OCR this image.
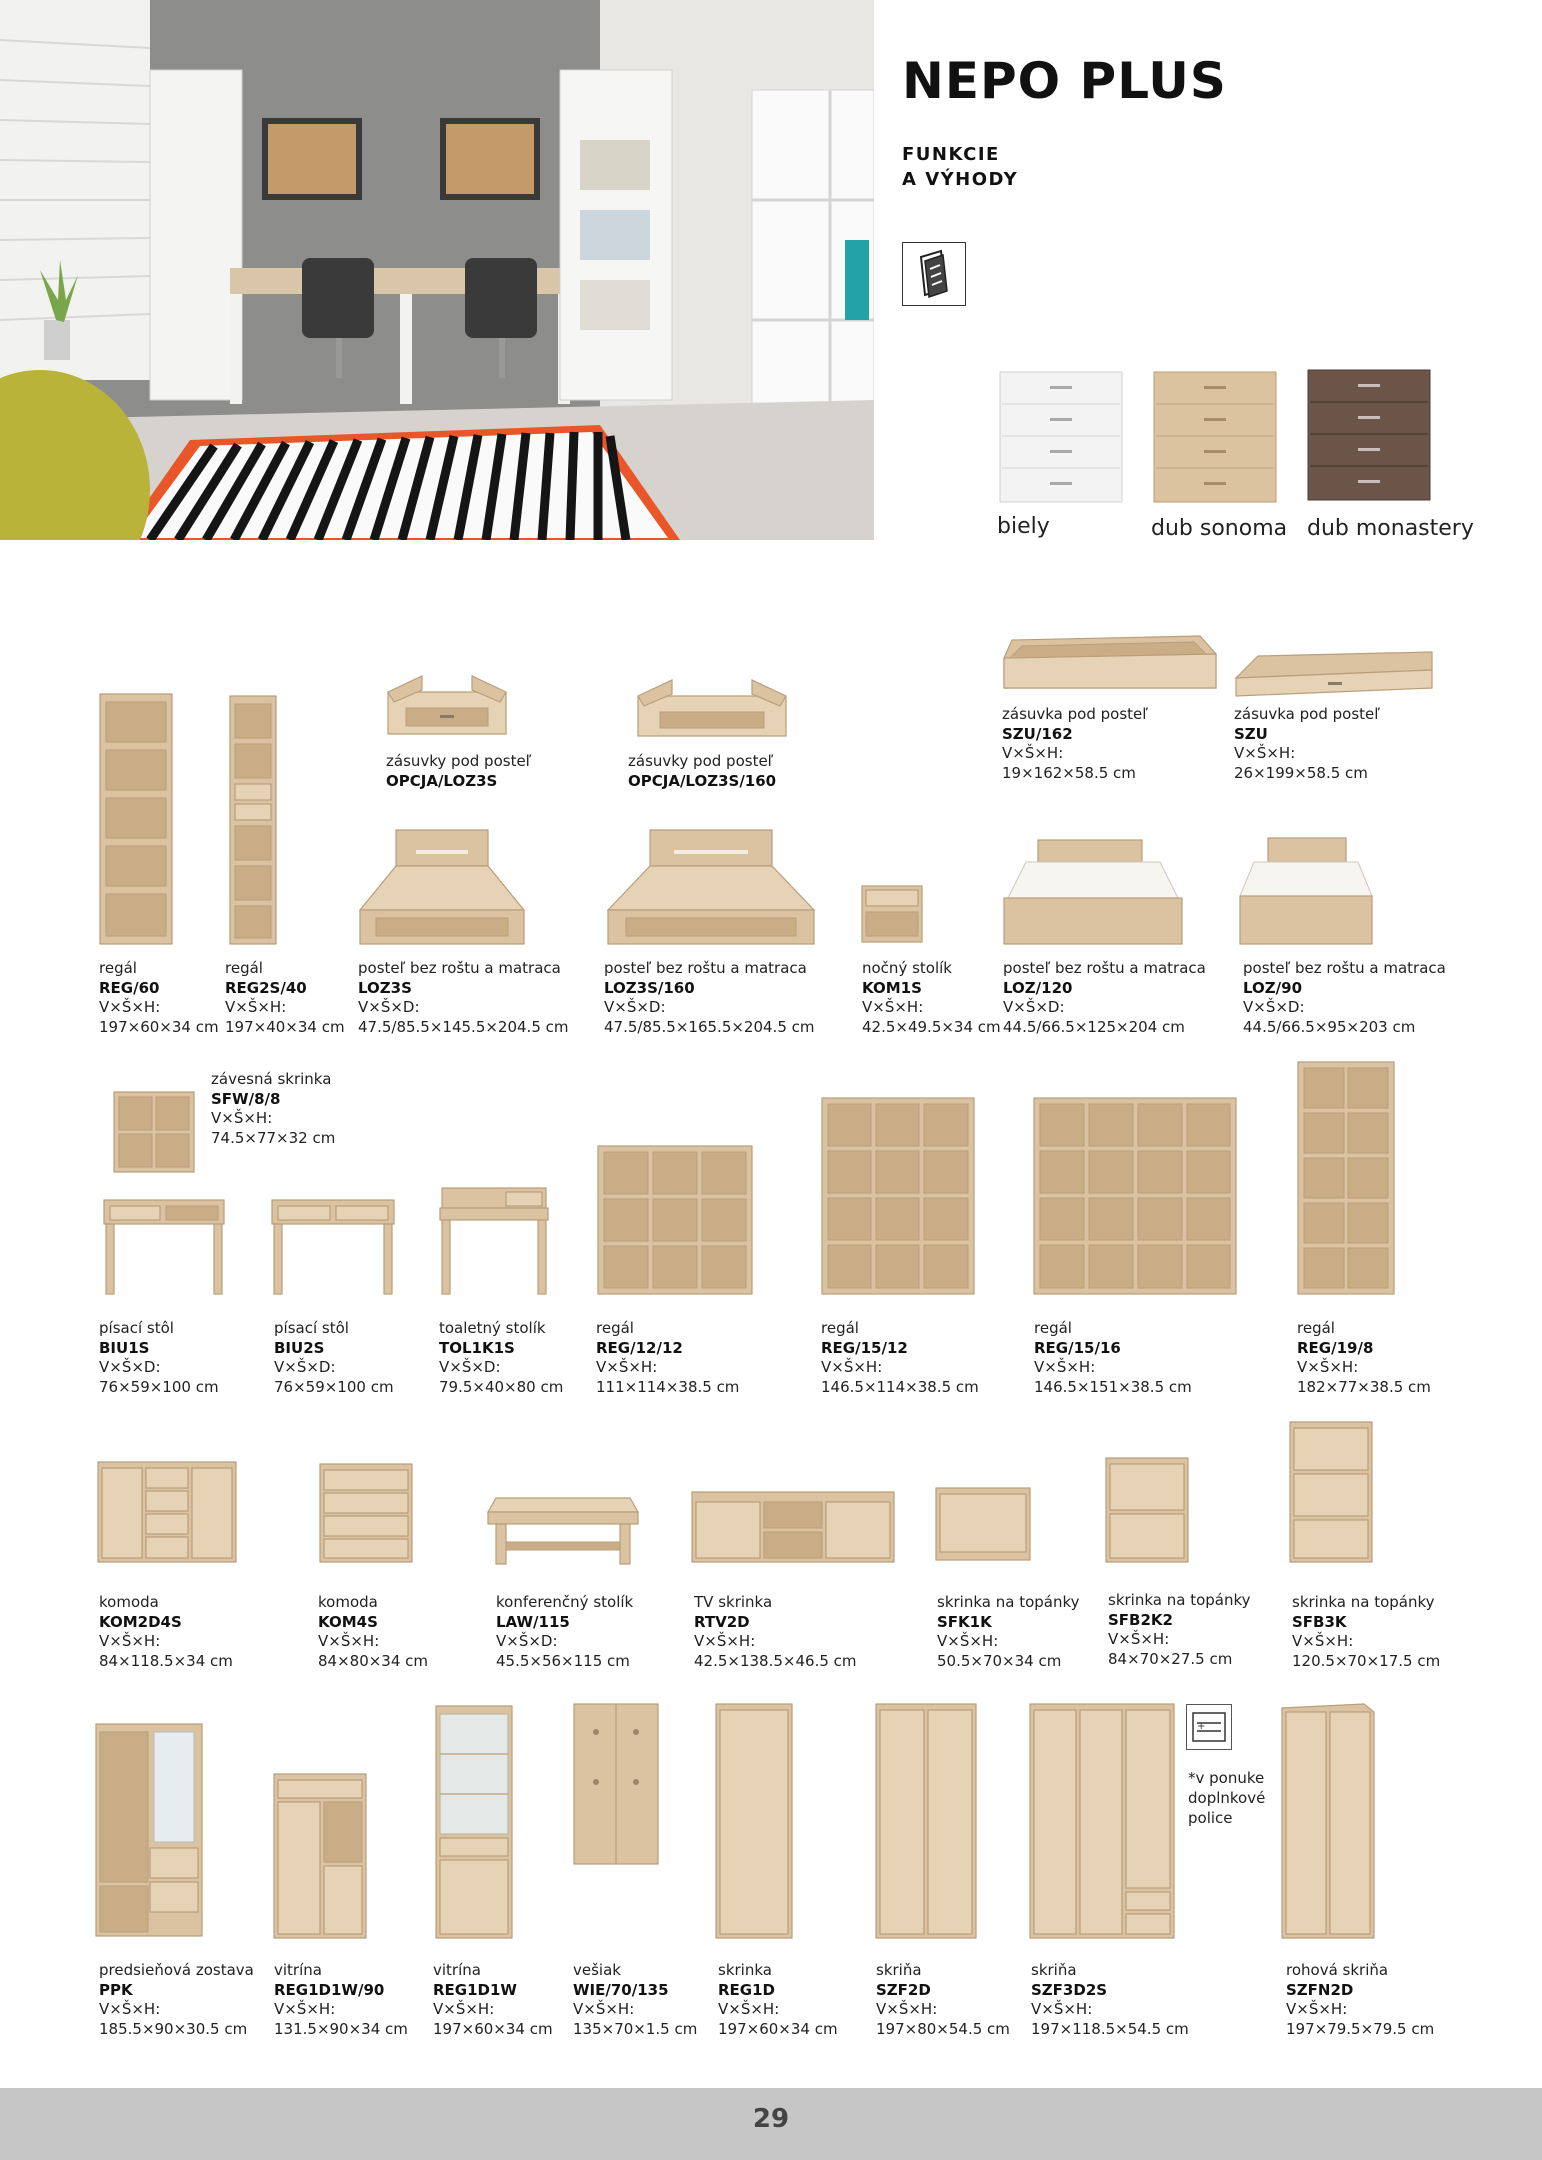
NEPO PLUS
FUNKCIE
A VÝHODY
biely	dub sonoma dub monastery
+
*v ponuke
doplnkové
police
zásuvky pod posteľ
OPCJA/LOZ3S
zásuvky pod posteľ
OPCJA/LOZ3S/160
zásuvka pod posteľ
SZU/162
V×Š×H:
19×162×58.5 cm
zásuvka pod posteľ
SZU
V×Š×H:
26×199×58.5 cm
regál
REG/60
V×Š×H:
197×60×34 cm
regál
REG2S/40
V×Š×H:
197×40×34 cm
posteľ bez roštu a matraca
LOZ3S
V×Š×D:
47.5/85.5×145.5×204.5 cm
posteľ bez roštu a matraca
LOZ3S/160
V×Š×D:
47.5/85.5×165.5×204.5 cm
nočný stolík
KOM1S
V×Š×H:
42.5×49.5×34 cm
posteľ bez roštu a matraca
LOZ/120
V×Š×D:
44.5/66.5×125×204 cm
posteľ bez roštu a matraca
LOZ/90
V×Š×D:
44.5/66.5×95×203 cm
závesná skrinka
SFW/8/8
V×Š×H:
74.5×77×32 cm
písací stôl
BIU1S
V×Š×D:
76×59×100 cm
písací stôl
BIU2S
V×Š×D:
76×59×100 cm
toaletný stolík
TOL1K1S
V×Š×D:
79.5×40×80 cm
regál
REG/12/12
V×Š×H:
111×114×38.5 cm
regál
REG/15/12
V×Š×H:
146.5×114×38.5 cm
regál
REG/15/16
V×Š×H:
146.5×151×38.5 cm
regál
REG/19/8
V×Š×H:
182×77×38.5 cm
komoda
KOM2D4S
V×Š×H:
84×118.5×34 cm
komoda
KOM4S
V×Š×H:
84×80×34 cm
konferenčný stolík
LAW/115
V×Š×D:
45.5×56×115 cm
TV skrinka
RTV2D
V×Š×H:
42.5×138.5×46.5 cm
skrinka na topánky
SFK1K
V×Š×H:
50.5×70×34 cm
skrinka na topánky
SFB2K2
V×Š×H:
84×70×27.5 cm
skrinka na topánky
SFB3K
V×Š×H:
120.5×70×17.5 cm
predsieňová zostava
PPK
V×Š×H:
185.5×90×30.5 cm
vitrína
REG1D1W/90
V×Š×H:
131.5×90×34 cm
vitrína
REG1D1W
V×Š×H:
197×60×34 cm
vešiak
WIE/70/135
V×Š×H:
135×70×1.5 cm
skrinka
REG1D
V×Š×H:
197×60×34 cm
skriňa
SZF2D
V×Š×H:
197×80×54.5 cm
skriňa
SZF3D2S
V×Š×H:
197×118.5×54.5 cm
rohová skriňa
SZFN2D
V×Š×H:
197×79.5×79.5 cm
29
